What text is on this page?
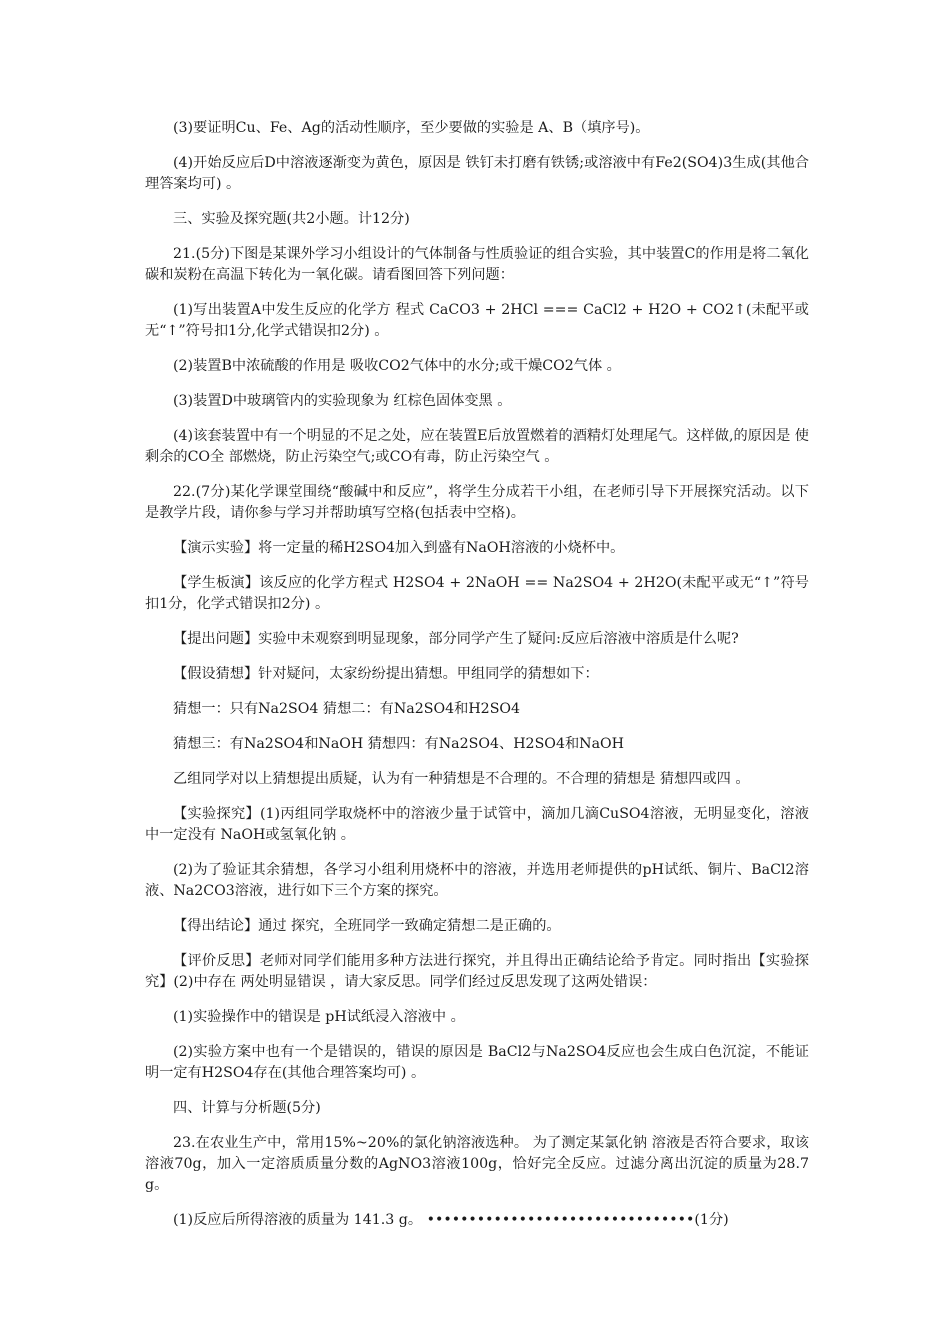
(3)要证明Cu、Fe、Ag的活动性顺序，至少要做的实验是 A、B（填序号)。

(4)开始反应后D中溶液逐渐变为黄色，原因是 铁钉未打磨有铁锈;或溶液中有Fe2(SO4)3生成(其他合理答案均可) 。

三、实验及探究题(共2小题。计12分)

21.(5分)下图是某课外学习小组设计的气体制备与性质验证的组合实验，其中装置C的作用是将二氧化碳和炭粉在高温下转化为一氧化碳。请看图回答下列问题：

(1)写出装置A中发生反应的化学方 程式 CaCO3 + 2HCl === CaCl2 + H2O + CO2↑(未配平或无“↑”符号扣1分,化学式错误扣2分) 。

(2)装置B中浓硫酸的作用是 吸收CO2气体中的水分;或干燥CO2气体 。

(3)装置D中玻璃管内的实验现象为 红棕色固体变黑 。

(4)该套装置中有一个明显的不足之处，应在装置E后放置燃着的酒精灯处理尾气。这样做,的原因是 使剩余的CO全 部燃烧，防止污染空气;或CO有毒，防止污染空气 。

22.(7分)某化学课堂围绕“酸碱中和反应”，将学生分成若干小组，在老师引导下开展探究活动。以下是教学片段，请你参与学习并帮助填写空格(包括表中空格)。

【演示实验】将一定量的稀H2SO4加入到盛有NaOH溶液的小烧杯中。

【学生板演】该反应的化学方程式 H2SO4 + 2NaOH == Na2SO4 + 2H2O(未配平或无“↑”符号扣1分，化学式错误扣2分) 。

【提出问题】实验中未观察到明显现象，部分同学产生了疑问:反应后溶液中溶质是什么呢?

【假设猜想】针对疑问，太家纷纷提出猜想。甲组同学的猜想如下：

猜想一：只有Na2SO4 猜想二：有Na2SO4和H2SO4

猜想三：有Na2SO4和NaOH 猜想四：有Na2SO4、H2SO4和NaOH

乙组同学对以上猜想提出质疑，认为有一种猜想是不合理的。不合理的猜想是 猜想四或四 。

【实验探究】(1)丙组同学取烧杯中的溶液少量于试管中，滴加几滴CuSO4溶液，无明显变化，溶液中一定没有 NaOH或氢氧化钠 。

(2)为了验证其余猜想，各学习小组利用烧杯中的溶液，并选用老师提供的pH试纸、铜片、BaCl2溶液、Na2CO3溶液，进行如下三个方案的探究。

【得出结论】通过 探究，全班同学一致确定猜想二是正确的。

【评价反思】老师对同学们能用多种方法进行探究，并且得出正确结论给予肯定。同时指出【实验探究】(2)中存在 两处明显错误 ，请大家反思。同学们经过反思发现了这两处错误：

(1)实验操作中的错误是 pH试纸浸入溶液中 。

(2)实验方案中也有一个是错误的，错误的原因是 BaCl2与Na2SO4反应也会生成白色沉淀，不能证明一定有H2SO4存在(其他合理答案均可) 。

四、计算与分析题(5分)

23.在农业生产中，常用15%~20%的氯化钠溶液选种。 为了测定某氯化钠 溶液是否符合要求，取该溶液70g，加入一定溶质质量分数的AgNO3溶液100g，恰好完全反应。过滤分离出沉淀的质量为28.7g。

(1)反应后所得溶液的质量为 141.3 g。 ••••••••••••••••••••••••••••••••(1分)
